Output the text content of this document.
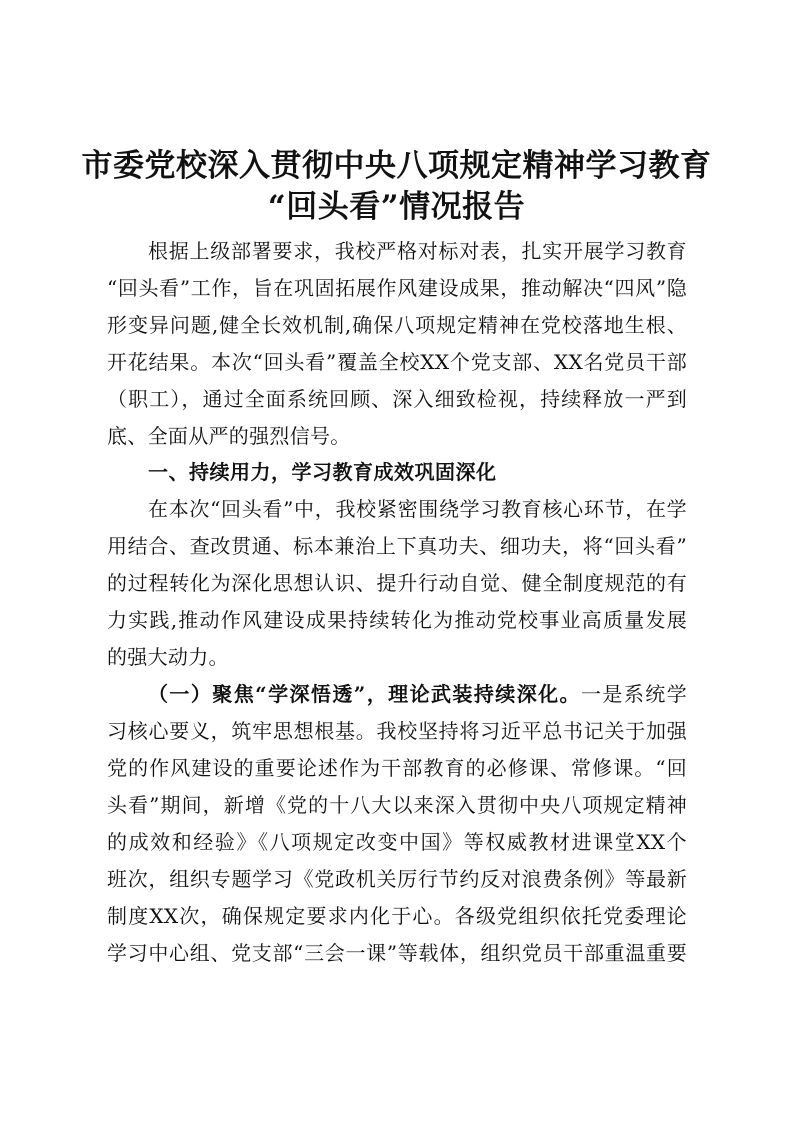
市委党校深入贯彻中央八项规定精神学习教育
“回头看”情况报告

根据上级部署要求，我校严格对标对表，扎实开展学习教育

“回头看”工作，旨在巩固拓展作风建设成果，推动解决“四风”隐

形变异问题,健全长效机制,确保八项规定精神在党校落地生根、

开花结果。本次“回头看”覆盖全校XX个党支部、XX名党员干部

（职工），通过全面系统回顾、深入细致检视，持续释放一严到

底、全面从严的强烈信号。

一、持续用力，学习教育成效巩固深化

在本次“回头看”中，我校紧密围绕学习教育核心环节，在学

用结合、查改贯通、标本兼治上下真功夫、细功夫，将“回头看”

的过程转化为深化思想认识、提升行动自觉、健全制度规范的有

力实践,推动作风建设成果持续转化为推动党校事业高质量发展

的强大动力。

（一）聚焦“学深悟透”，理论武装持续深化。一是系统学

习核心要义，筑牢思想根基。我校坚持将习近平总书记关于加强

党的作风建设的重要论述作为干部教育的必修课、常修课。“回

头看”期间，新增《党的十八大以来深入贯彻中央八项规定精神

的成效和经验》《八项规定改变中国》等权威教材进课堂XX个

班次，组织专题学习《党政机关厉行节约反对浪费条例》等最新

制度XX次，确保规定要求内化于心。各级党组织依托党委理论

学习中心组、党支部“三会一课”等载体，组织党员干部重温重要
